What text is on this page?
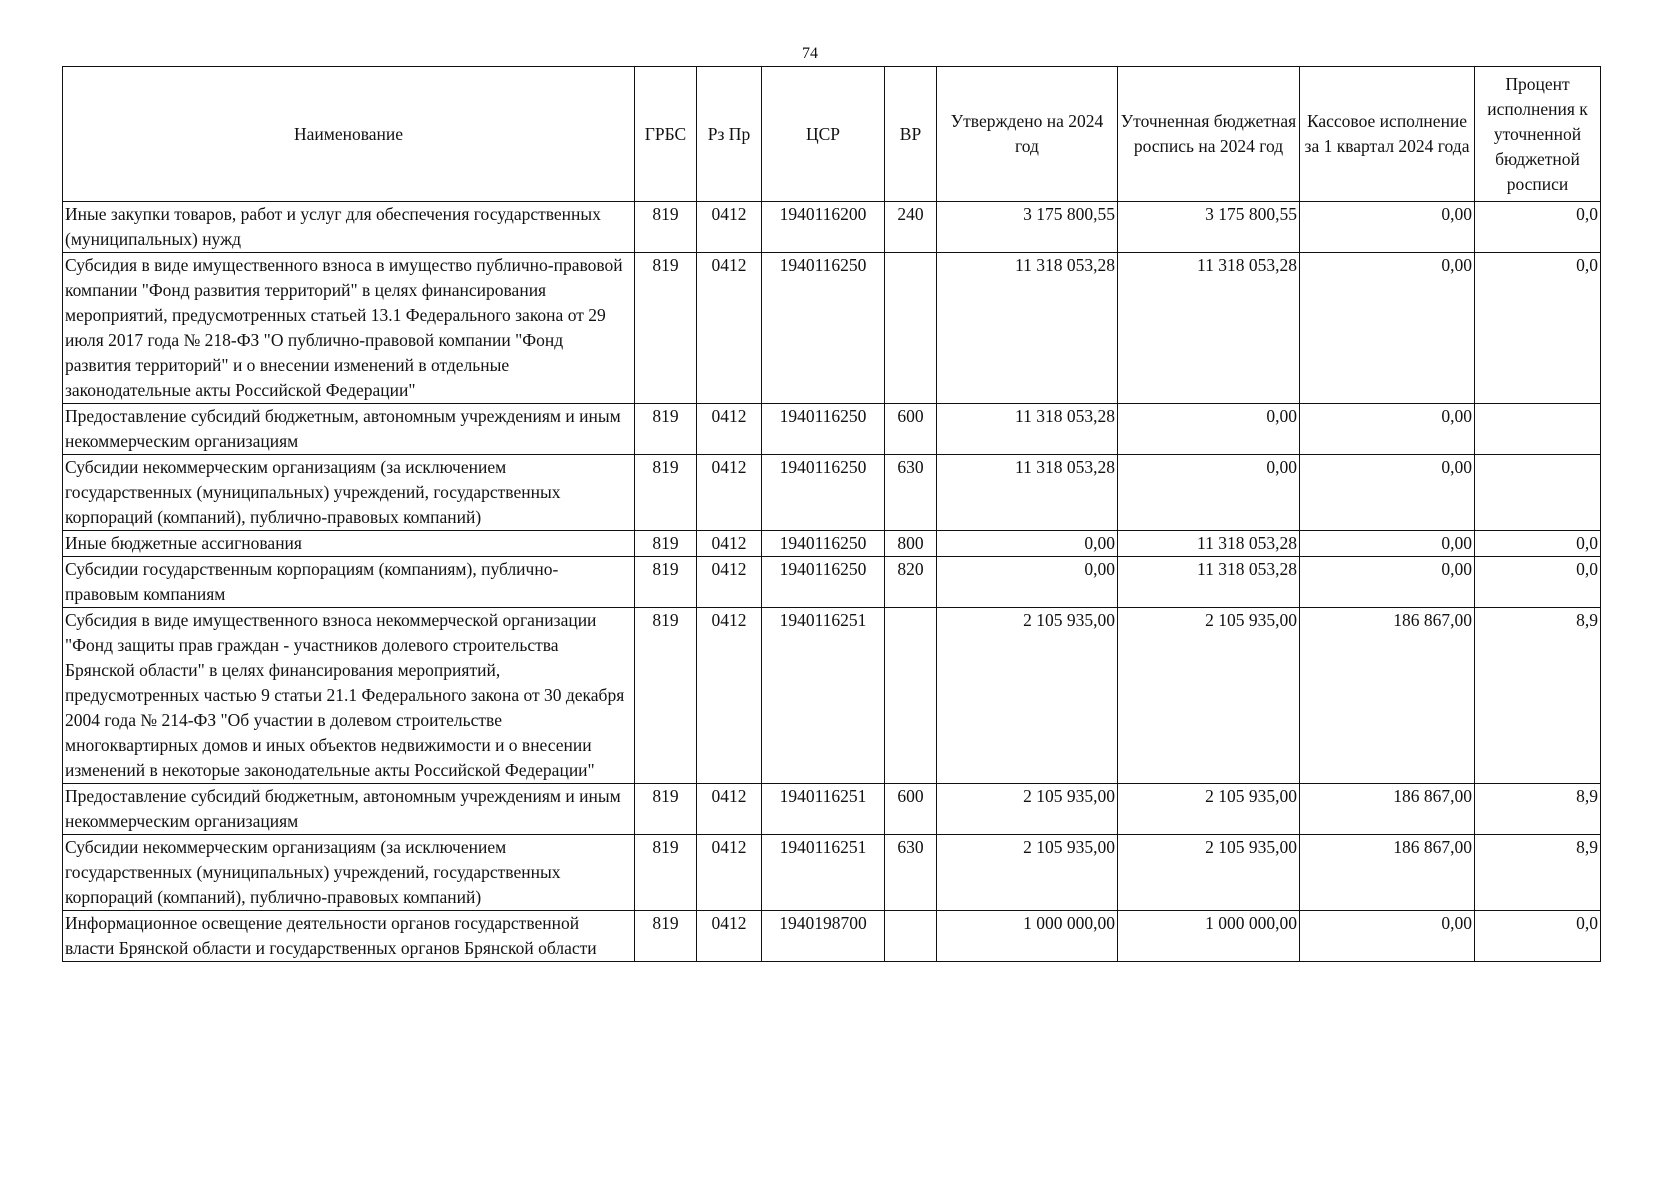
74
Наименование	ГРБС	Рз Пр	ЦСР	ВР	Утверждено на 2024 год	Уточненная бюджетная роспись на 2024 год	Кассовое исполнение за 1 квартал 2024 года	Процент исполнения к уточненной бюджетной росписи
Иные закупки товаров, работ и услуг для обеспечения государственных (муниципальных) нужд	819	0412	1940116200	240	3 175 800,55	3 175 800,55	0,00	0,0
Субсидия в виде имущественного взноса в имущество публично-правовой компании "Фонд развития территорий" в целях финансирования мероприятий, предусмотренных статьей 13.1 Федерального закона от 29 июля 2017 года № 218-ФЗ "О публично-правовой компании "Фонд развития территорий" и о внесении изменений в отдельные законодательные акты Российской Федерации"	819	0412	1940116250		11 318 053,28	11 318 053,28	0,00	0,0
Предоставление субсидий бюджетным, автономным учреждениям и иным некоммерческим организациям	819	0412	1940116250	600	11 318 053,28	0,00	0,00	
Субсидии некоммерческим организациям (за исключением государственных (муниципальных) учреждений, государственных корпораций (компаний), публично-правовых компаний)	819	0412	1940116250	630	11 318 053,28	0,00	0,00	
Иные бюджетные ассигнования	819	0412	1940116250	800	0,00	11 318 053,28	0,00	0,0
Субсидии государственным корпорациям (компаниям), публично-правовым компаниям	819	0412	1940116250	820	0,00	11 318 053,28	0,00	0,0
Субсидия в виде имущественного взноса некоммерческой организации "Фонд защиты прав граждан - участников долевого строительства Брянской области" в целях финансирования мероприятий, предусмотренных частью 9 статьи 21.1 Федерального закона от 30 декабря 2004 года № 214-ФЗ "Об участии в долевом строительстве многоквартирных домов и иных объектов недвижимости и о внесении изменений в некоторые законодательные акты Российской Федерации"	819	0412	1940116251		2 105 935,00	2 105 935,00	186 867,00	8,9
Предоставление субсидий бюджетным, автономным учреждениям и иным некоммерческим организациям	819	0412	1940116251	600	2 105 935,00	2 105 935,00	186 867,00	8,9
Субсидии некоммерческим организациям (за исключением государственных (муниципальных) учреждений, государственных корпораций (компаний), публично-правовых компаний)	819	0412	1940116251	630	2 105 935,00	2 105 935,00	186 867,00	8,9
Информационное освещение деятельности органов государственной власти Брянской области и государственных органов Брянской области	819	0412	1940198700		1 000 000,00	1 000 000,00	0,00	0,0
